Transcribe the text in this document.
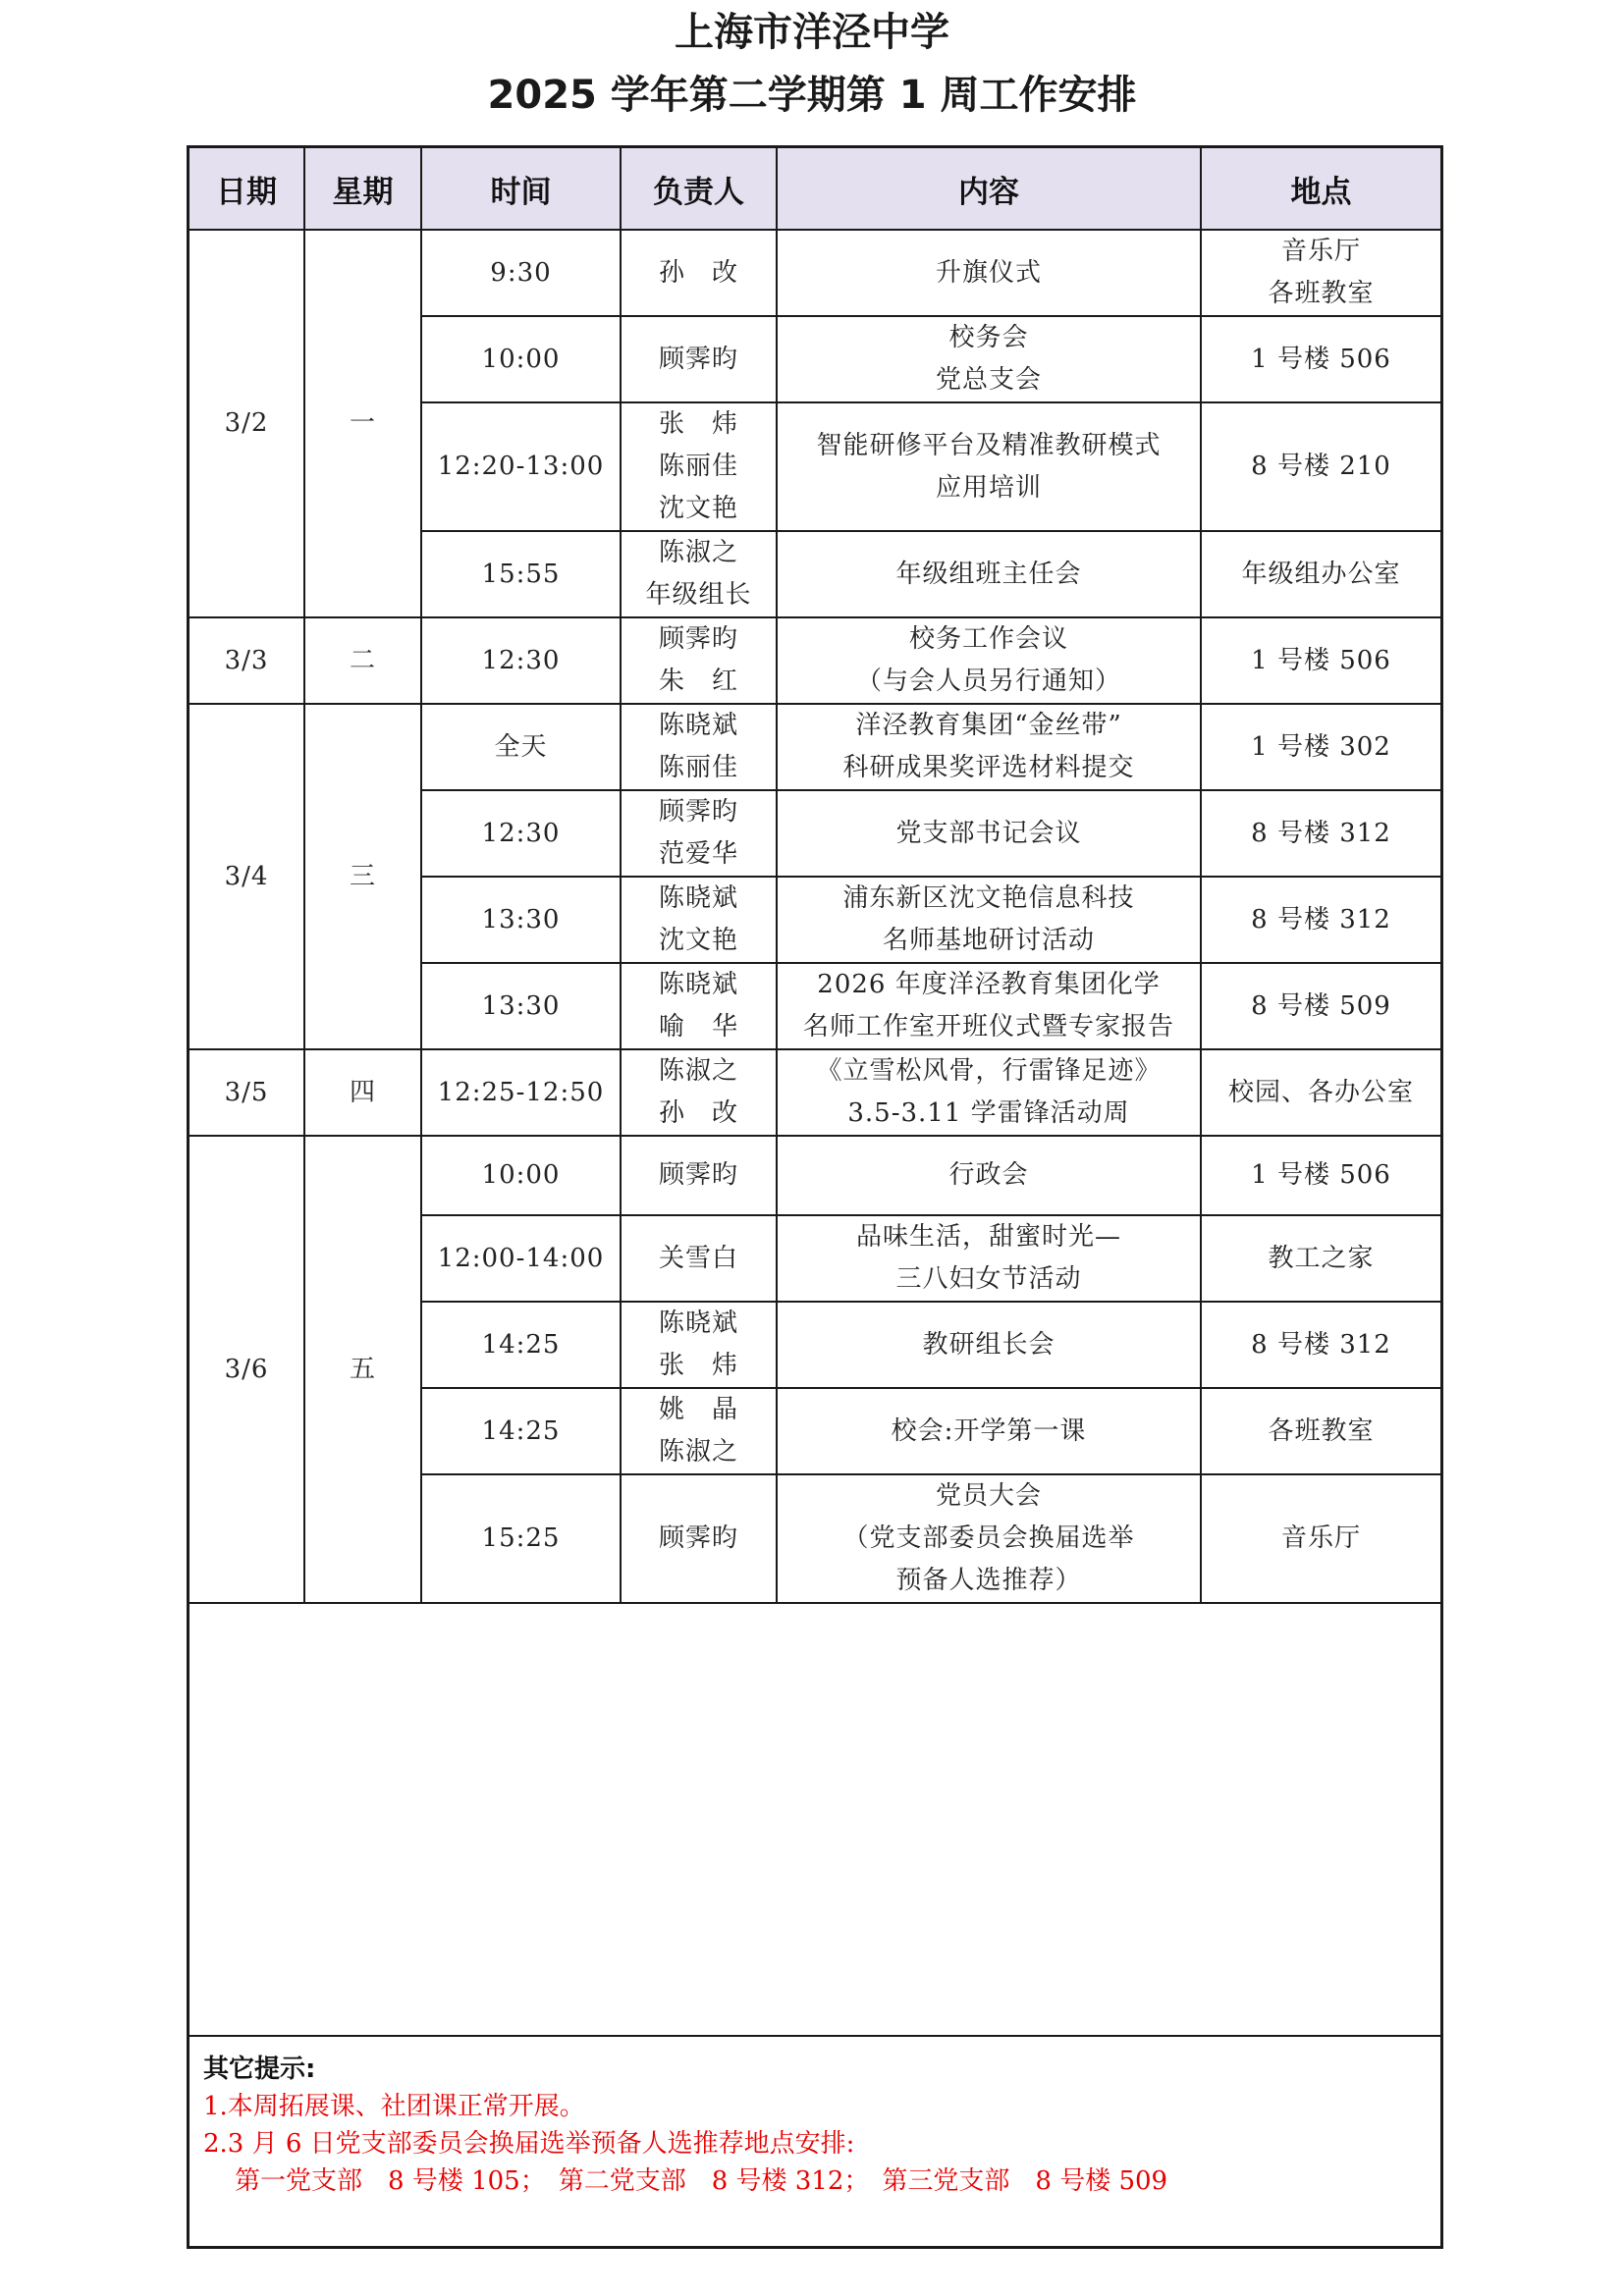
上海市洋泾中学
2025 学年第二学期第 1 周工作安排
日期	星期	时间	负责人	内容	地点
3/2	一	9:30	孙　改	升旗仪式	音乐厅
各班教室

		10:00	顾霁昀	校务会
党总支会	1 号楼 506

		12:20-13:00	张　炜
陈丽佳
沈文艳	智能研修平台及精准教研模式
应用培训	8 号楼 210

		15:55	陈淑之
年级组长	年级组班主任会	年级组办公室

3/3	二	12:30	顾霁昀
朱　红	校务工作会议
（与会人员另行通知）	1 号楼 506

3/4	三	全天	陈晓斌
陈丽佳	洋泾教育集团“金丝带”
科研成果奖评选材料提交	1 号楼 302

		12:30	顾霁昀
范爱华	党支部书记会议	8 号楼 312

		13:30	陈晓斌
沈文艳	浦东新区沈文艳信息科技
名师基地研讨活动	8 号楼 312

		13:30	陈晓斌
喻　华	2026 年度洋泾教育集团化学
名师工作室开班仪式暨专家报告	8 号楼 509

3/5	四	12:25-12:50	陈淑之
孙　改	《立雪松风骨，行雷锋足迹》
3.5-3.11 学雷锋活动周	校园、各办公室

3/6	五	10:00	顾霁昀	行政会	1 号楼 506

		12:00-14:00	关雪白	品味生活，甜蜜时光—
三八妇女节活动	教工之家

		14:25	陈晓斌
张　炜	教研组长会	8 号楼 312

		14:25	姚　晶
陈淑之	校会:开学第一课	各班教室

		15:25	顾霁昀	党员大会
（党支部委员会换届选举
预备人选推荐）	音乐厅
其它提示:
1.本周拓展课、社团课正常开展。
2.3 月 6 日党支部委员会换届选举预备人选推荐地点安排:
第一党支部　8 号楼 105；　第二党支部　8 号楼 312；　第三党支部　8 号楼 509
